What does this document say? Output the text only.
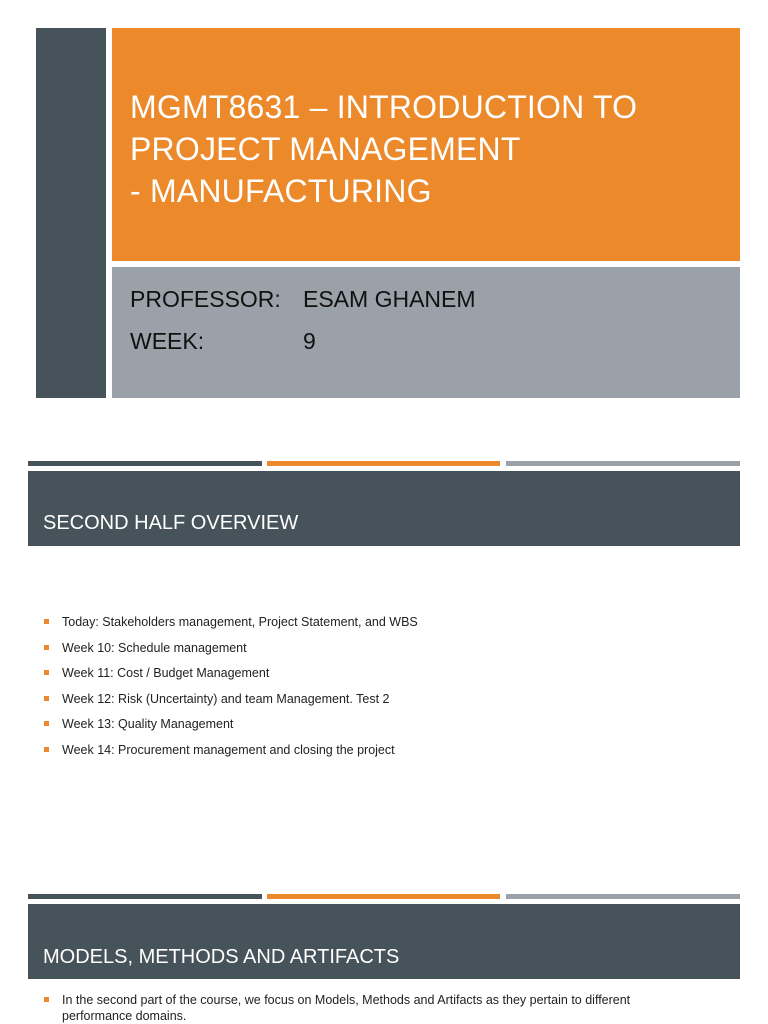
MGMT8631 – INTRODUCTION TO
PROJECT MANAGEMENT
- MANUFACTURING
PROFESSOR: ESAM GHANEM
WEEK:	9
SECOND HALF OVERVIEW
Today: Stakeholders management, Project Statement, and WBS
Week 10: Schedule management
Week 11: Cost / Budget Management
Week 12: Risk (Uncertainty) and team Management. Test 2
Week 13: Quality Management
Week 14: Procurement management and closing the project
MODELS, METHODS AND ARTIFACTS
In the second part of the course, we focus on Models, Methods and Artifacts as they pertain to different performance domains.
